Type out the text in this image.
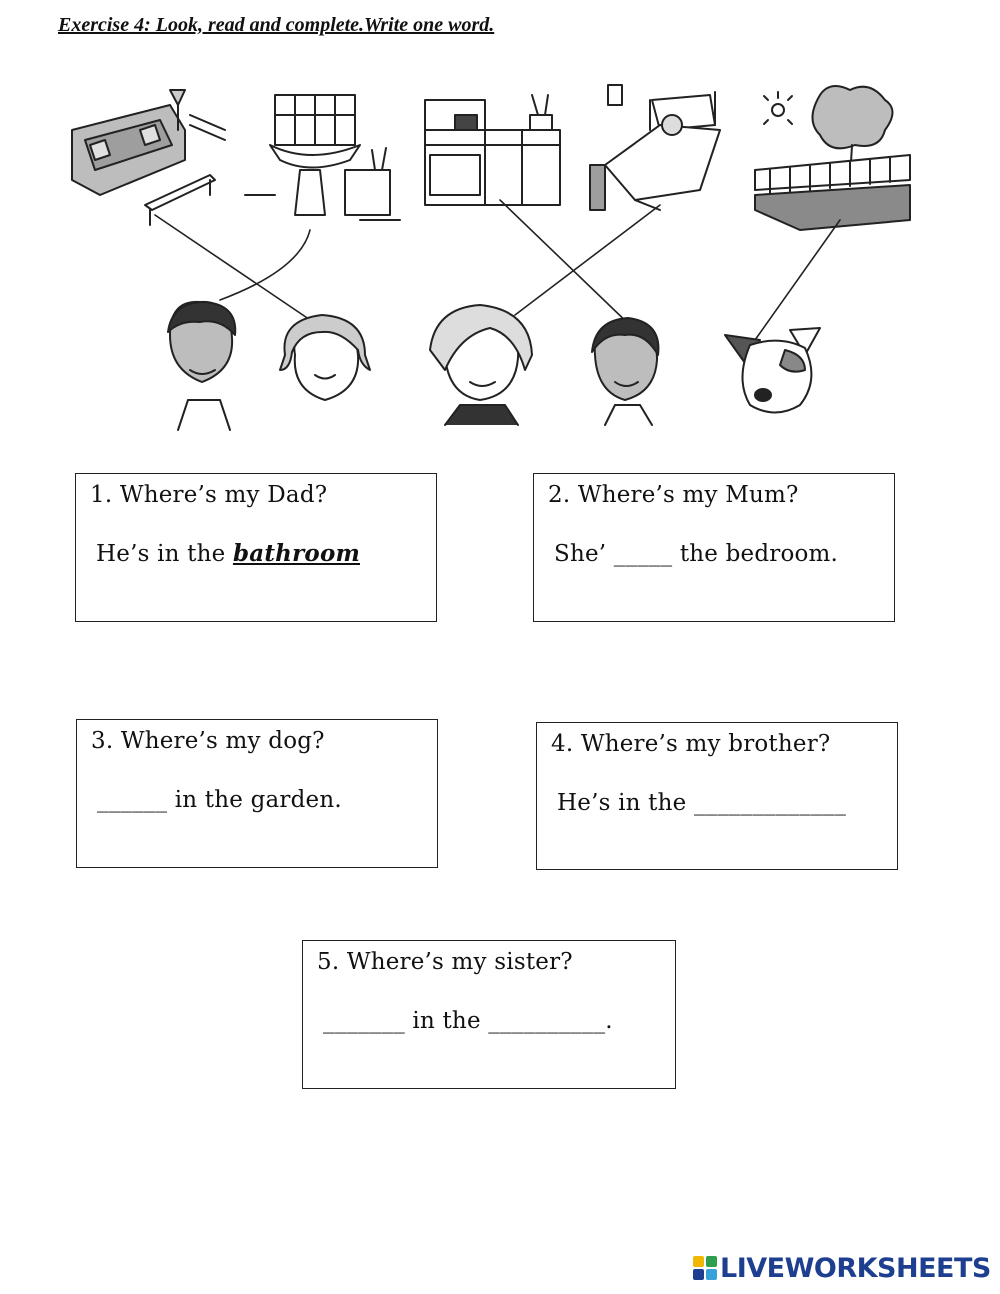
Exercise 4: Look, read and complete.Write one word.
1. Where’s my Dad?
He’s in the bathroom
2. Where’s my Mum?
She’ _____ the bedroom.
3. Where’s my dog?
______ in the garden.
4. Where’s my brother?
He’s in the _____________
5. Where’s my sister?
_______ in the __________.
LIVEWORKSHEETS
